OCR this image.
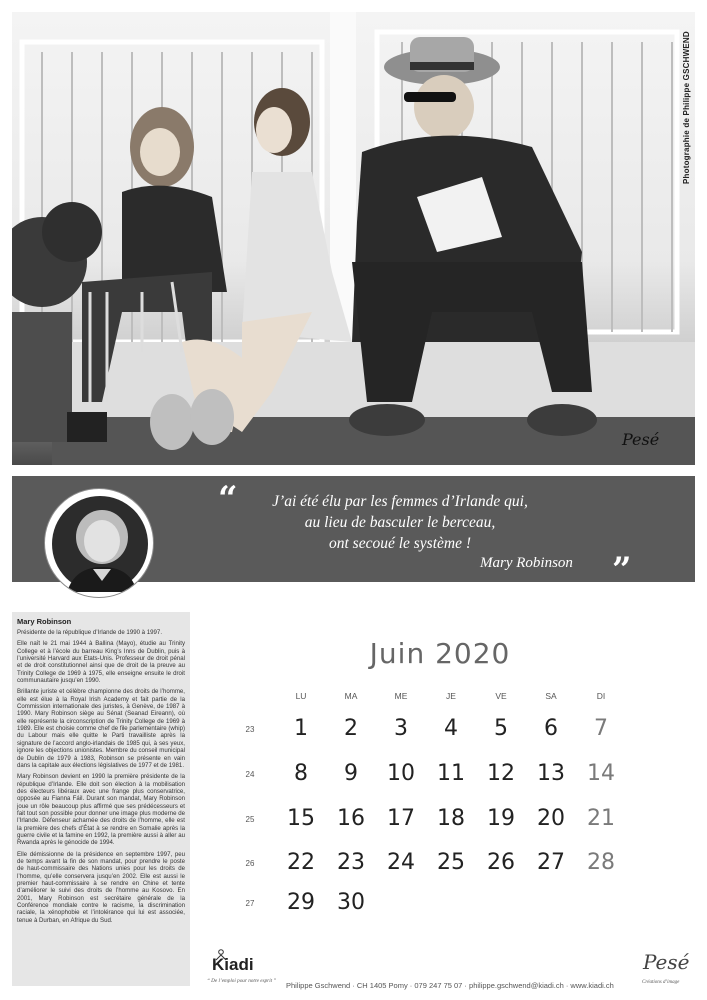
Photographie de Philippe GSCHWEND
Pesé
“	J’ai été élu par les femmes d’Irlande qui,
au lieu de basculer le berceau,
ont secoué le système !
Mary Robinson ”
Mary Robinson

Présidente de la république d’Irlande de 1990 à 1997.

Elle naît le 21 mai 1944 à Ballina (Mayo), étudie au Trinity College et à l’école du barreau King’s Inns de Dublin, puis à l’université Harvard aux Etats-Unis. Professeur de droit pénal et de droit constitutionnel ainsi que de droit de la preuve au Trinity College de 1969 à 1975, elle enseigne ensuite le droit communautaire jusqu’en 1990.

Brillante juriste et célèbre championne des droits de l’homme, elle est élue à la Royal Irish Academy et fait partie de la Commission internationale des juristes, à Genève, de 1987 à 1990. Mary Robinson siège au Sénat (Seanad Eireann), où elle représente la circonscription de Trinity College de 1969 à 1989. Elle est choisie comme chef de file parlementaire (whip) du Labour mais elle quitte le Parti travailliste après la signature de l’accord anglo-irlandais de 1985 qui, à ses yeux, ignore les objections unionistes. Membre du conseil municipal de Dublin de 1979 à 1983, Robinson se présente en vain dans la capitale aux élections législatives de 1977 et de 1981.

Mary Robinson devient en 1990 la première présidente de la république d’Irlande. Elle doit son élection à la mobilisation des électeurs libéraux avec une frange plus conservatrice, opposée au Fianna Fáil. Durant son mandat, Mary Robinson joue un rôle beaucoup plus affirmé que ses prédécesseurs et fait tout son possible pour donner une image plus moderne de l’Irlande. Défenseur acharnée des droits de l’homme, elle est la première des chefs d’État à se rendre en Somalie après la guerre civile et la famine en 1992, la première aussi à aller au Rwanda après le génocide de 1994.

Elle démissionne de la présidence en septembre 1997, peu de temps avant la fin de son mandat, pour prendre le poste de haut-commissaire des Nations unies pour les droits de l’homme, qu’elle conservera jusqu’en 2002. Elle est aussi le premier haut-commissaire à se rendre en Chine et tente d’améliorer le suivi des droits de l’homme au Kosovo. En 2001, Mary Robinson est secrétaire générale de la Conférence mondiale contre le racisme, la discrimination raciale, la xénophobie et l’intolérance qui lui est associée, tenue à Durban, en Afrique du Sud.

Juin 2020
LU	MA	ME	JE	VE	SA	DI
23	1	2	3	4	5	6	7
24	8	9	10	11	12	13	14
25	15	16	17	18	19	20	21
26	22	23	24	25	26	27	28
27	29	30
Kiadi
“ De l’emploi pour notre esprit ” Philippe Gschwend · CH 1405 Pomy · 079 247 75 07 · philippe.gschwend@kiadi.ch · www.kiadi.ch
Pesé
Créations d’image
